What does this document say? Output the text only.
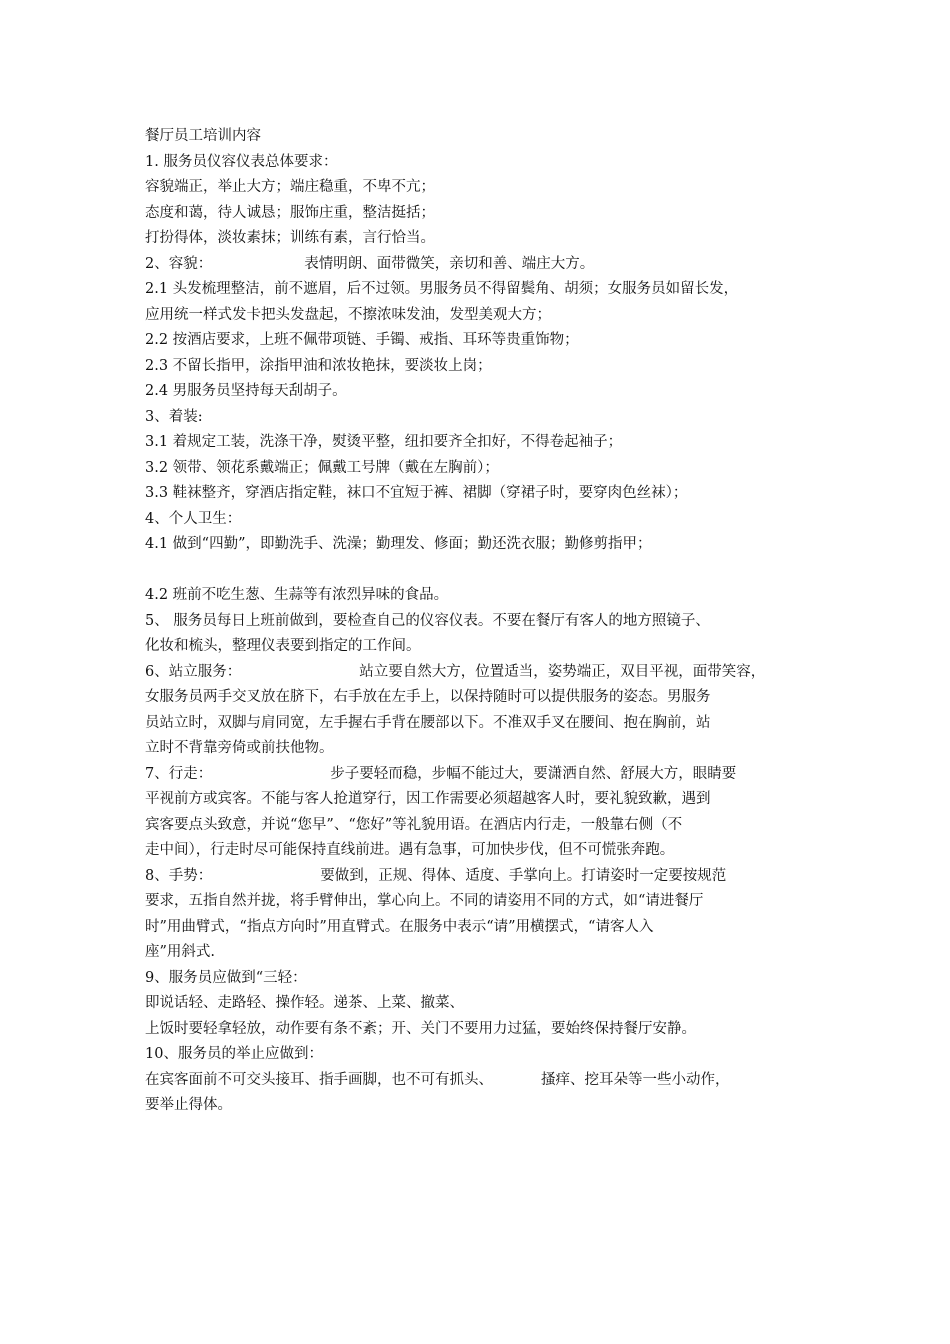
餐厅员工培训内容
1. 服务员仪容仪表总体要求：
容貌端正，举止大方；端庄稳重，不卑不亢；
态度和蔼，待人诚恳；服饰庄重，整洁挺括；
打扮得体，淡妆素抹；训练有素，言行恰当。
2、容貌：	表情明朗、面带微笑，亲切和善、端庄大方。
2.1 头发梳理整洁，前不遮眉，后不过领。男服务员不得留鬓角、胡须；女服务员如留长发，
应用统一样式发卡把头发盘起，不擦浓味发油，发型美观大方；
2.2 按酒店要求，上班不佩带项链、手镯、戒指、耳环等贵重饰物；
2.3 不留长指甲，涂指甲油和浓妆艳抹，要淡妆上岗；
2.4 男服务员坚持每天刮胡子。
3、着装:
3.1 着规定工装，洗涤干净，熨烫平整，纽扣要齐全扣好，不得卷起袖子；
3.2 领带、领花系戴端正；佩戴工号牌（戴在左胸前）；
3.3 鞋袜整齐，穿酒店指定鞋，袜口不宜短于裤、裙脚（穿裙子时，要穿肉色丝袜）；
4、个人卫生：
4.1 做到“四勤”，即勤洗手、洗澡；勤理发、修面；勤还洗衣服；勤修剪指甲；
4.2 班前不吃生葱、生蒜等有浓烈异味的食品。
5、 服务员每日上班前做到，要检查自己的仪容仪表。不要在餐厅有客人的地方照镜子、
化妆和梳头，整理仪表要到指定的工作间。
6、站立服务：	站立要自然大方，位置适当，姿势端正，双目平视，面带笑容，
女服务员两手交叉放在脐下，右手放在左手上，以保持随时可以提供服务的姿态。男服务
员站立时，双脚与肩同宽，左手握右手背在腰部以下。不准双手叉在腰间、抱在胸前，站
立时不背靠旁倚或前扶他物。
7、行走：	步子要轻而稳，步幅不能过大，要潇洒自然、舒展大方，眼睛要
平视前方或宾客。不能与客人抢道穿行，因工作需要必须超越客人时，要礼貌致歉，遇到
宾客要点头致意，并说“您早”、“您好”等礼貌用语。在酒店内行走，一般靠右侧（不
走中间），行走时尽可能保持直线前进。遇有急事，可加快步伐，但不可慌张奔跑。
8、手势：	要做到，正规、得体、适度、手掌向上。打请姿时一定要按规范
要求，五指自然并拢，将手臂伸出，掌心向上。不同的请姿用不同的方式，如“请进餐厅
时”用曲臂式，“指点方向时”用直臂式。在服务中表示“请”用横摆式，“请客人入
座”用斜式.
9、服务员应做到“三轻：
即说话轻、走路轻、操作轻。递茶、上菜、撤菜、
上饭时要轻拿轻放，动作要有条不紊；开、关门不要用力过猛，要始终保持餐厅安静。
10、服务员的举止应做到：
在宾客面前不可交头接耳、指手画脚，也不可有抓头、	搔痒、挖耳朵等一些小动作，
要举止得体。
